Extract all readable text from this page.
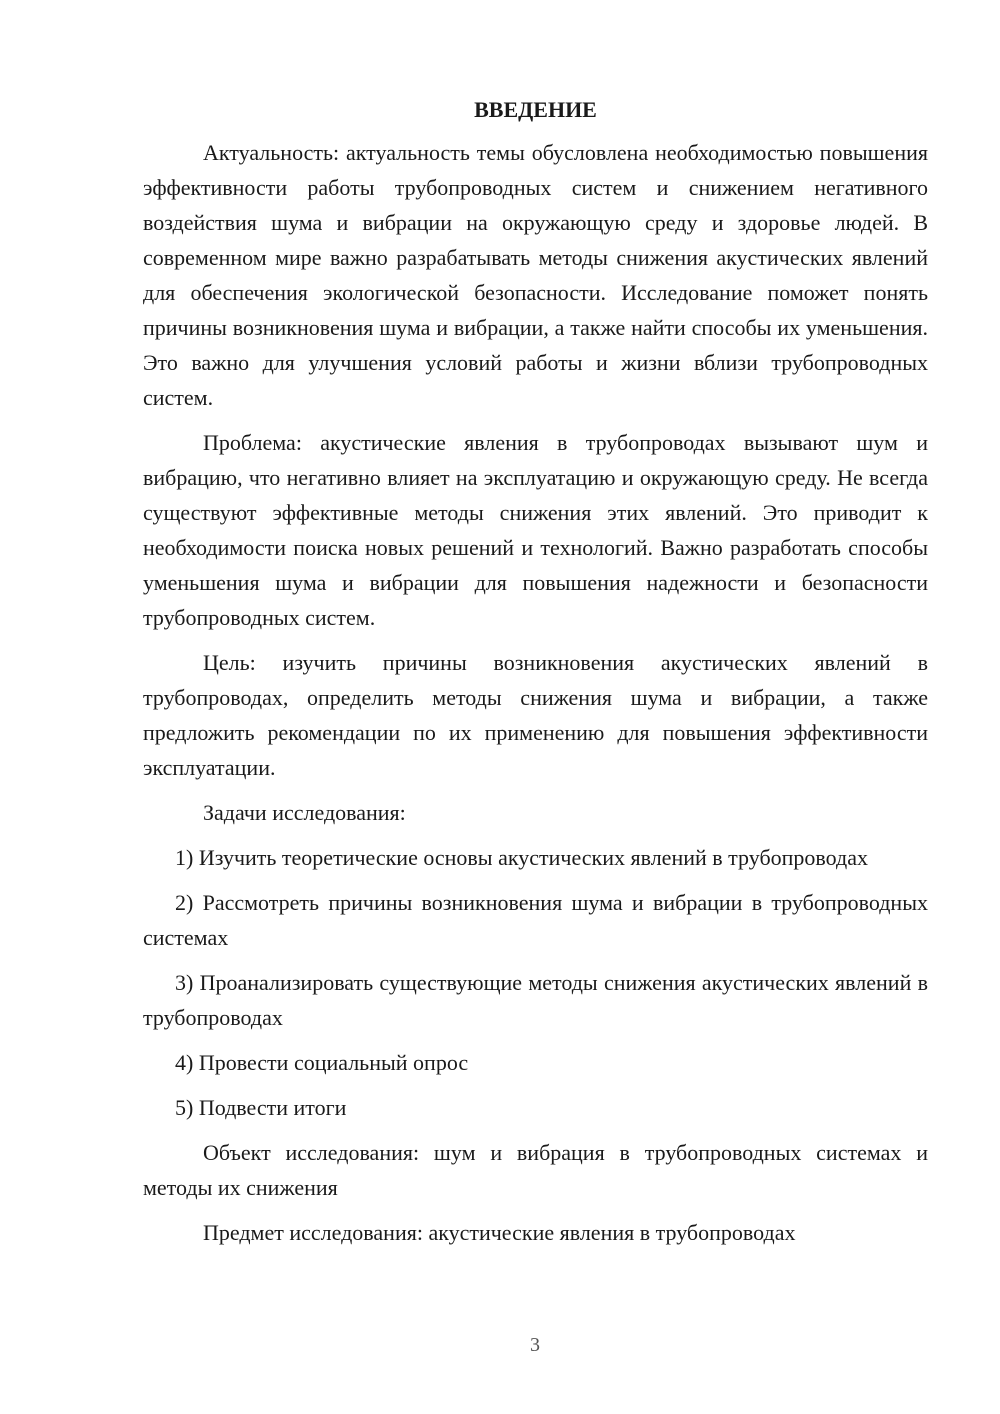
ВВЕДЕНИЕ

Актуальность: актуальность темы обусловлена необходимостью повышения эффективности работы трубопроводных систем и снижением негативного воздействия шума и вибрации на окружающую среду и здоровье людей. В современном мире важно разрабатывать методы снижения акустических явлений для обеспечения экологической безопасности. Исследование поможет понять причины возникновения шума и вибрации, а также найти способы их уменьшения. Это важно для улучшения условий работы и жизни вблизи трубопроводных систем.

Проблема: акустические явления в трубопроводах вызывают шум и вибрацию, что негативно влияет на эксплуатацию и окружающую среду. Не всегда существуют эффективные методы снижения этих явлений. Это приводит к необходимости поиска новых решений и технологий. Важно разработать способы уменьшения шума и вибрации для повышения надежности и безопасности трубопроводных систем.

Цель: изучить причины возникновения акустических явлений в трубопроводах, определить методы снижения шума и вибрации, а также предложить рекомендации по их применению для повышения эффективности эксплуатации.

Задачи исследования:

1) Изучить теоретические основы акустических явлений в трубопроводах

2) Рассмотреть причины возникновения шума и вибрации в трубопроводных системах

3) Проанализировать существующие методы снижения акустических явлений в трубопроводах

4) Провести социальный опрос

5) Подвести итоги

Объект исследования: шум и вибрация в трубопроводных системах и методы их снижения

Предмет исследования: акустические явления в трубопроводах

3
